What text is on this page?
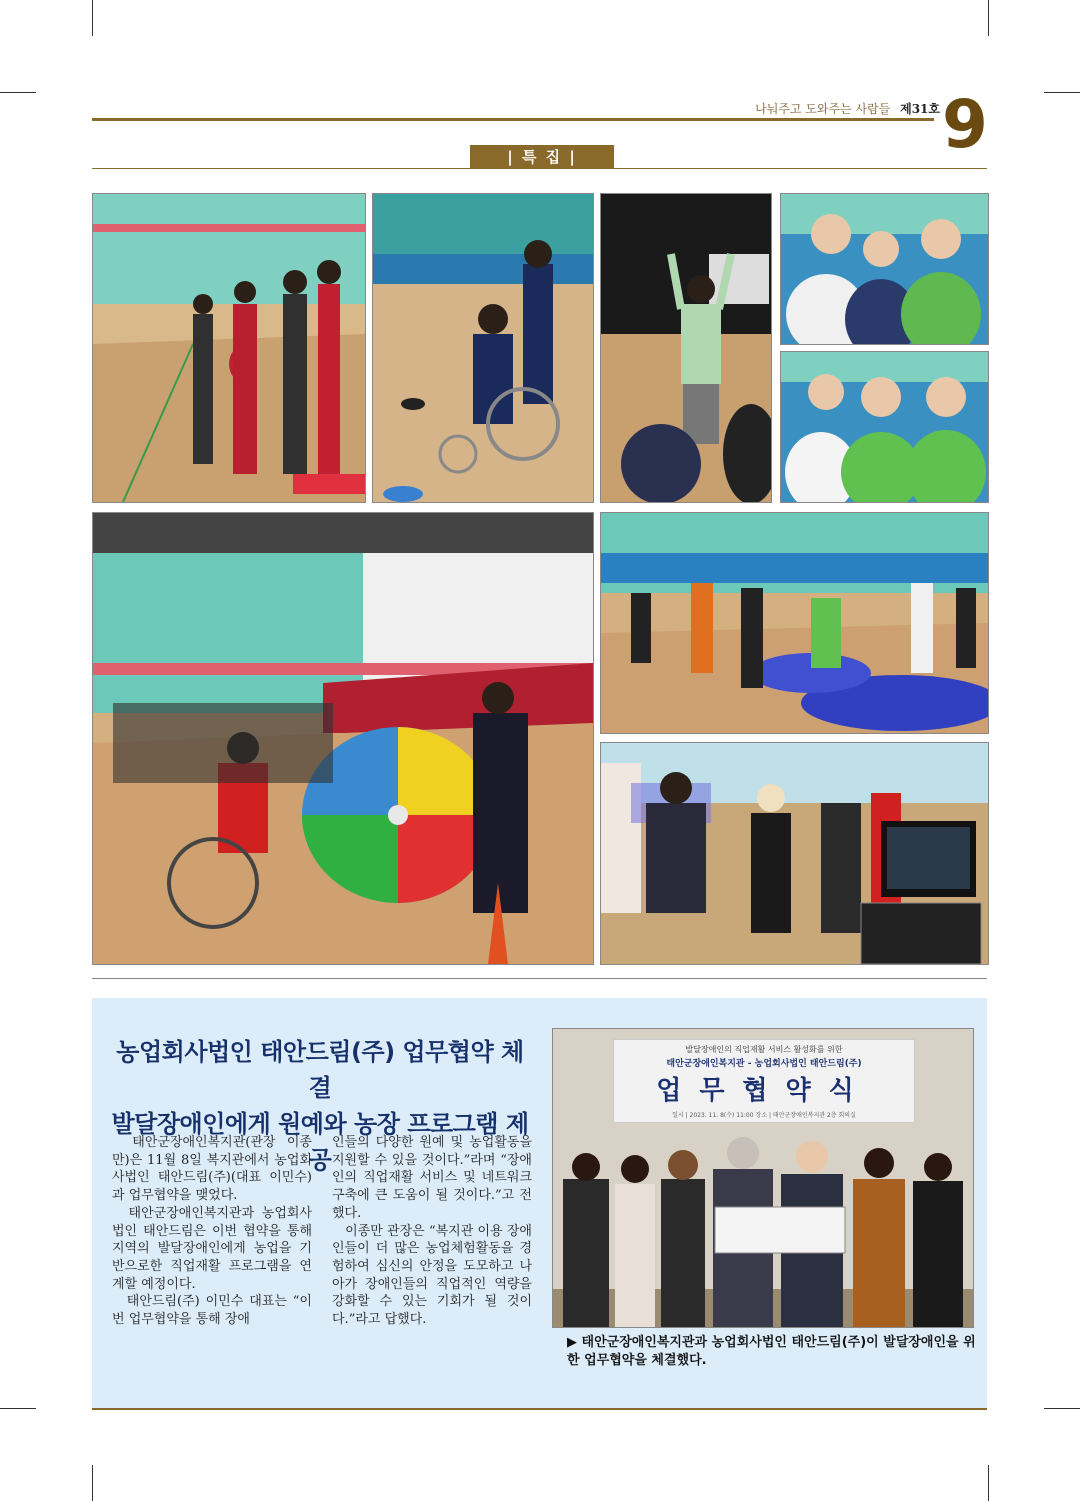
나눠주고 도와주는 사람들 제31호 9
| 특 집 |
농업회사법인 태안드림(주) 업무협약 체결
발달장애인에게 원예와 농장 프로그램 제공
　태안군장애인복지관(관장 이종만)은 11월 8일 복지관에서 농업회사법인 태안드림(주)(대표 이민수)과 업무협약을 맺었다.
　태안군장애인복지관과 농업회사법인 태안드림은 이번 협약을 통해 지역의 발달장애인에게 농업을 기반으로한 직업재활 프로그램을 연계할 예정이다.
　태안드림(주) 이민수 대표는 “이번 업무협약을 통해 장애
인들의 다양한 원예 및 농업활동을 지원할 수 있을 것이다.”라며 “장애인의 직업재활 서비스 및 네트워크 구축에 큰 도움이 될 것이다.”고 전했다.
　이종만 관장은 “복지관 이용 장애인들이 더 많은 농업체험활동을 경험하여 심신의 안정을 도모하고 나아가 장애인들의 직업적인 역량을 강화할 수 있는 기회가 될 것이다.”라고 답했다.
발달장애인의 직업재활 서비스 활성화를 위한
태안군장애인복지관 - 농업회사법인 태안드림(주)
업무협약식
일시 | 2023. 11. 8(수) 11:00 장소 | 태안군장애인복지관 2층 회의실
▶ 태안군장애인복지관과 농업회사법인 태안드림(주)이 발달장애인을 위한 업무협약을 체결했다.
